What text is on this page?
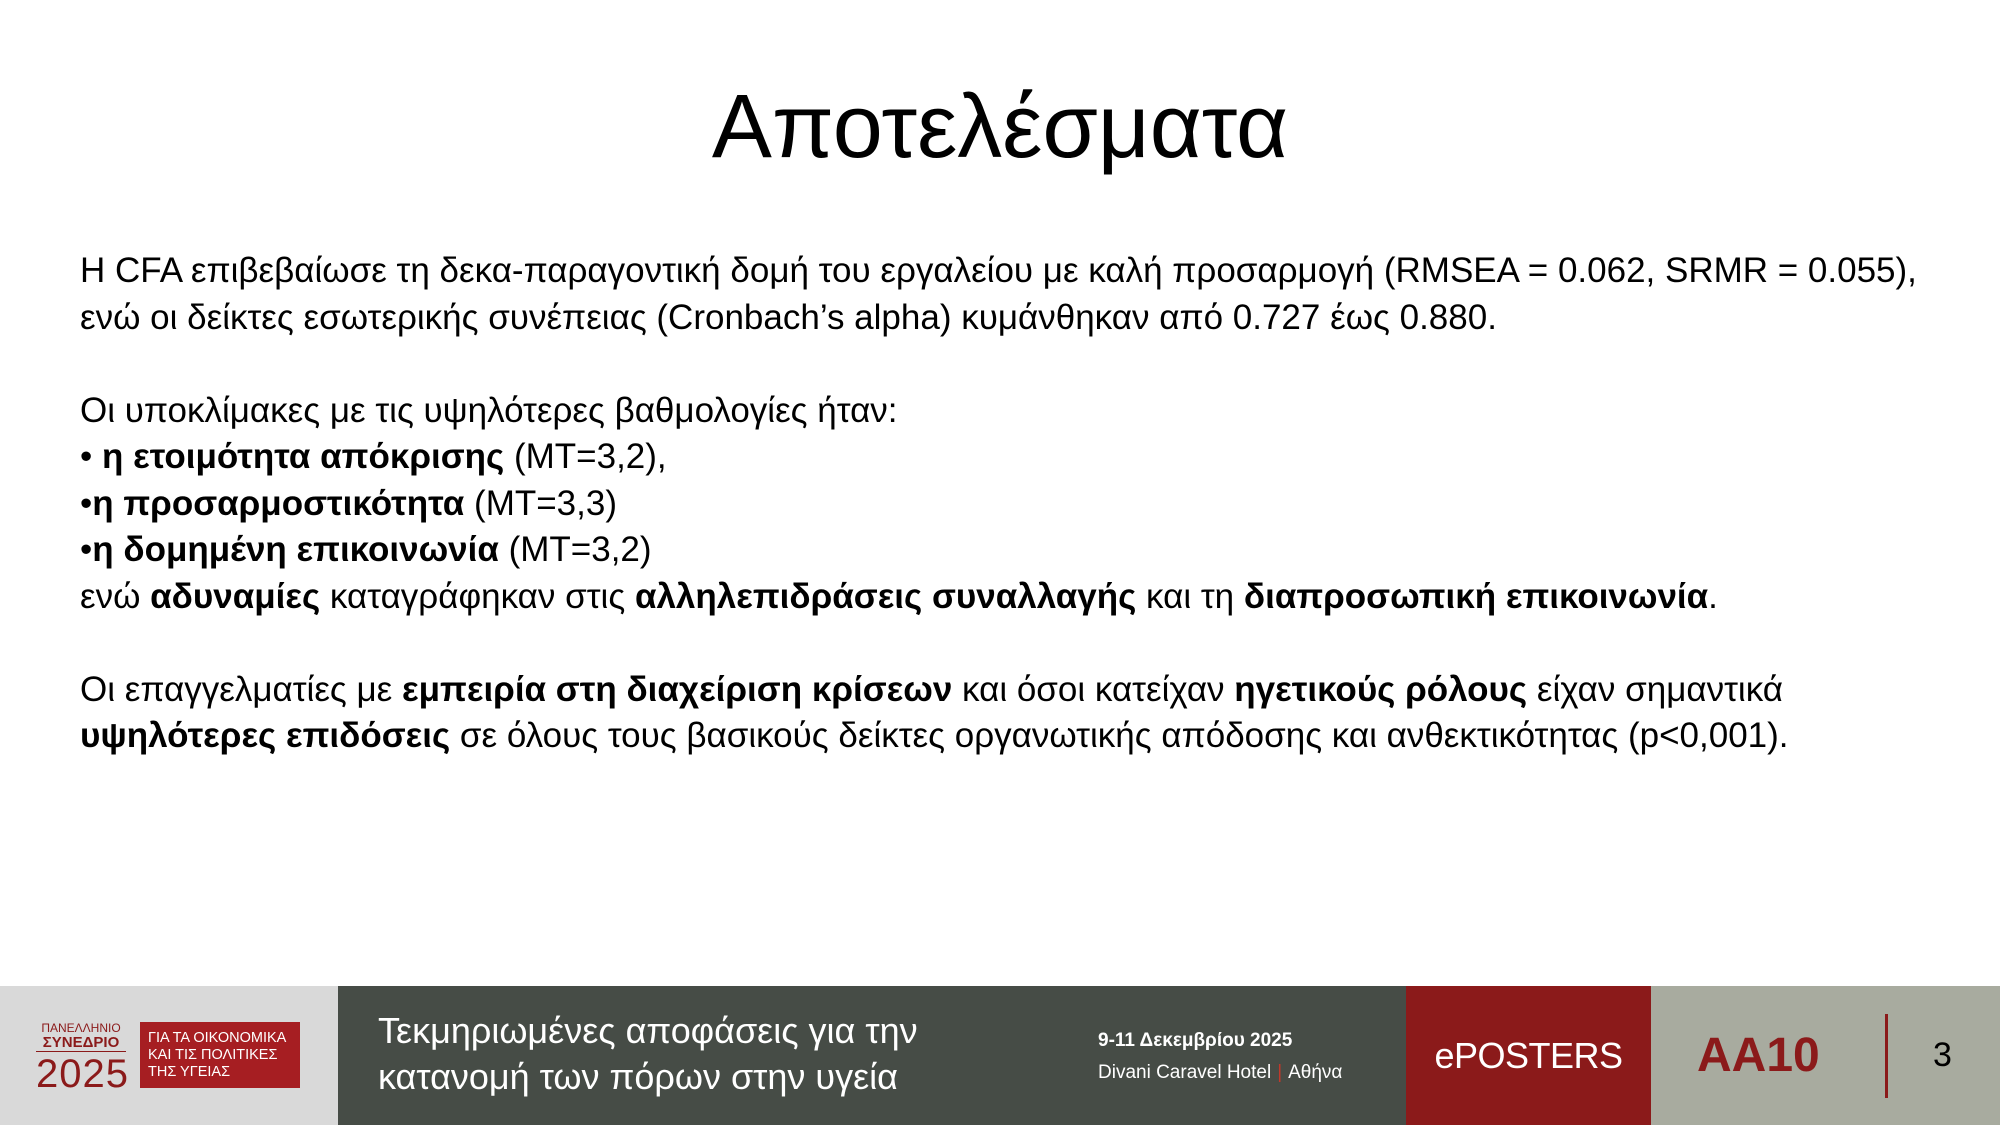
Αποτελέσματα

Η CFA επιβεβαίωσε τη δεκα-παραγοντική δομή του εργαλείου με καλή προσαρμογή (RMSEA = 0.062, SRMR = 0.055), ενώ οι δείκτες εσωτερικής συνέπειας (Cronbach’s alpha) κυμάνθηκαν από 0.727 έως 0.880.

Οι υποκλίμακες με τις υψηλότερες βαθμολογίες ήταν:

• η ετοιμότητα απόκρισης (ΜΤ=3,2),

•η προσαρμοστικότητα (ΜΤ=3,3)

•η δομημένη επικοινωνία (ΜΤ=3,2)

ενώ αδυναμίες καταγράφηκαν στις αλληλεπιδράσεις συναλλαγής και τη διαπροσωπική επικοινωνία.

Οι επαγγελματίες με εμπειρία στη διαχείριση κρίσεων και όσοι κατείχαν ηγετικούς ρόλους είχαν σημαντικά υψηλότερες επιδόσεις σε όλους τους βασικούς δείκτες οργανωτικής απόδοσης και ανθεκτικότητας (p<0,001).

ΠΑΝΕΛΛΗΝΙΟ
ΣΥΝΕΔΡΙΟ
2025
ΓΙΑ ΤΑ ΟΙΚΟΝΟΜΙΚΑ
ΚΑΙ ΤΙΣ ΠΟΛΙΤΙΚΕΣ
ΤΗΣ ΥΓΕΙΑΣ
Τεκμηριωμένες αποφάσεις για την κατανομή των πόρων στην υγεία
9-11 Δεκεμβρίου 2025
Divani Caravel Hotel | Αθήνα	ePOSTERS AA10	3
